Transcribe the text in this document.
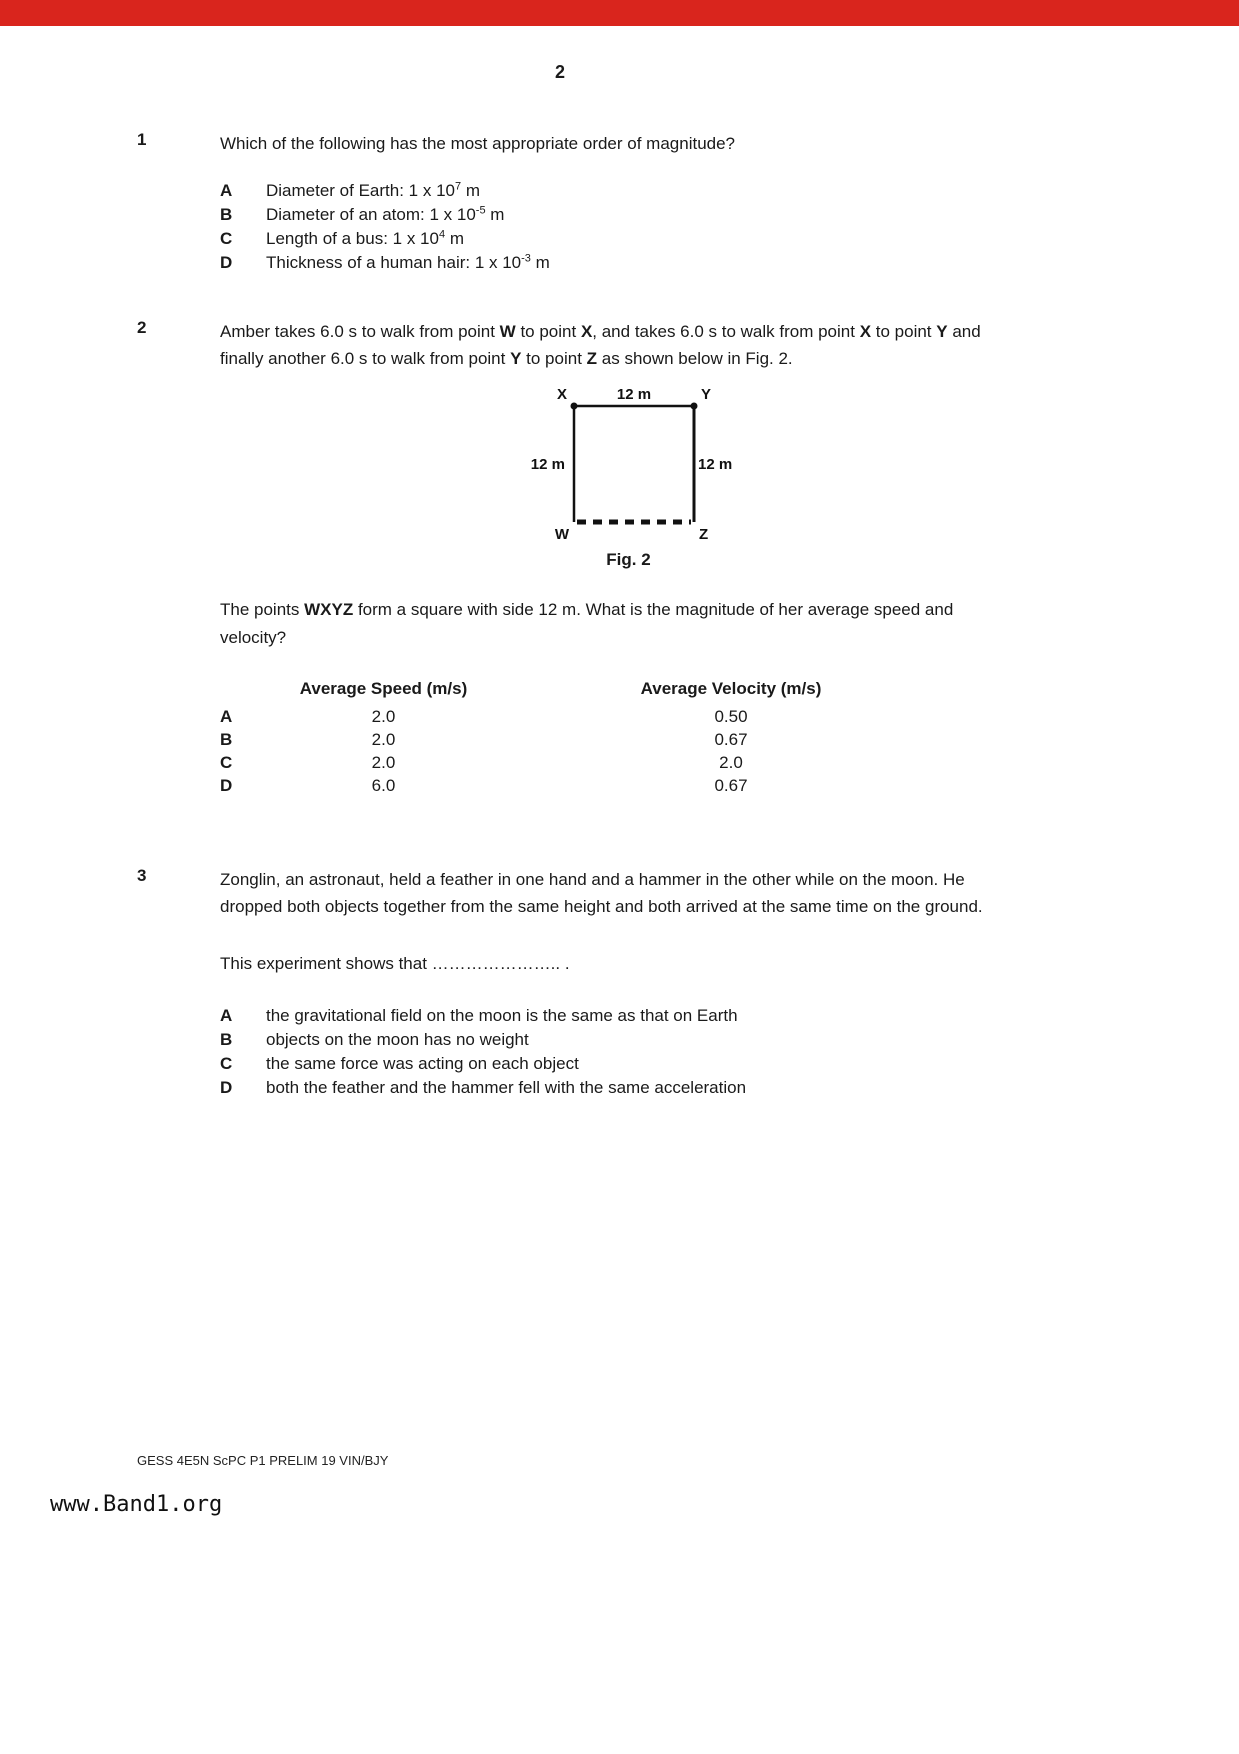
2
1	Which of the following has the most appropriate order of magnitude?

A	Diameter of Earth: 1 x $10^7$ m
B	Diameter of an atom: 1 x $10^{-5}$ m
C	Length of a bus: 1 x $10^4$ m
D	Thickness of a human hair: 1 x $10^{-3}$ m
2	Amber takes 6.0 s to walk from point W to point X, and takes 6.0 s to walk from point X to point Y and finally another 6.0 s to walk from point Y to point Z as shown below in Fig. 2.

X	Y
W	Z
12 m
12 m	12 m
Fig. 2

The points WXYZ form a square with side 12 m. What is the magnitude of her average speed and velocity?

Average Speed (m/s)	Average Velocity (m/s)
A	2.0	0.50
B	2.0	0.67
C	2.0	2.0
D	6.0	0.67
3	Zonglin, an astronaut, held a feather in one hand and a hammer in the other while on the moon. He dropped both objects together from the same height and both arrived at the same time on the ground.

This experiment shows that ………………….. .

A	the gravitational field on the moon is the same as that on Earth
B	objects on the moon has no weight
C	the same force was acting on each object
D	both the feather and the hammer fell with the same acceleration
GESS 4E5N ScPC P1 PRELIM 19 VIN/BJY
www.Band1.org
